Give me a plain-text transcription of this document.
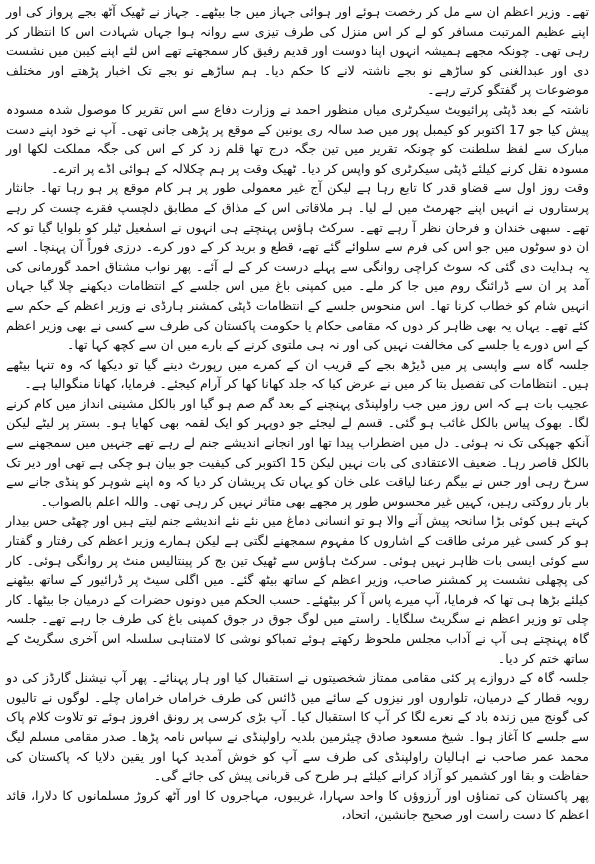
تھے۔ وزیر اعظم ان سے مل کر رخصت ہوئے اور ہوائی جہاز میں جا بیٹھے۔ جہاز نے ٹھیک آٹھ بجے پرواز کی اور اپنے عظیم المرتبت مسافر کو لے کر اس منزل کی طرف تیزی سے روانہ ہوا جہاں شہادت اس کا انتظار کر رہی تھی۔ چونکہ مجھے ہمیشہ انہوں اپنا دوست اور قدیم رفیق کار سمجھتے تھے اس لئے اپنے کیبن میں نشست دی اور عبدالغنی کو ساڑھے نو بجے ناشتہ لانے کا حکم دیا۔ ہم ساڑھے نو بجے تک اخبار پڑھتے اور مختلف موضوعات پر گفتگو کرتے رہے۔

ناشتہ کے بعد ڈپٹی پرائیویٹ سیکرٹری میاں منظور احمد نے وزارت دفاع سے اس تقریر کا موصول شدہ مسودہ پیش کیا جو 17 اکتوبر کو کیمبل پور میں صد سالہ ری یونین کے موقع پر پڑھی جانی تھی۔ آپ نے خود اپنے دست مبارک سے لفظ سلطنت کو چونکہ تقریر میں تین جگہ درج تھا قلم زد کر کے اس کی جگہ مملکت لکھا اور مسودہ نقل کرنے کیلئے ڈپٹی سیکرٹری کو واپس کر دیا۔ ٹھیک وقت پر ہم چکلالہ کے ہوائی اڈے پر اترے۔

وقت روز اول سے قضاو قدر کا تابع رہا ہے لیکن آج غیر معمولی طور پر ہر کام موقع پر ہو رہا تھا۔ جانثار پرستاروں نے انہیں اپنے جھرمٹ میں لے لیا۔ ہر ملاقاتی اس کے مذاق کے مطابق دلچسپ فقرے چست کر رہے تھے۔ سبھی خندان و فرحان نظر آ رہے تھے۔ سرکٹ ہاؤس پہنچتے ہی انہوں نے اسمٰعیل ٹیلر کو بلوایا گیا تو کہ ان دو سوٹوں میں جو اس کی فرم سے سلوائے گئے تھے، قطع و برید کر کے دور کرے۔ درزی فوراً آن پہنچا۔ اسے یہ ہدایت دی گئی کہ سوٹ کراچی روانگی سے پہلے درست کر کے لے آئے۔ پھر نواب مشتاق احمد گورمانی کی آمد پر ان سے ڈرائنگ روم میں جا کر ملے۔ میں کمپنی باغ میں اس جلسے کے انتظامات دیکھنے چلا گیا جہاں انہیں شام کو خطاب کرنا تھا۔ اس منحوس جلسے کے انتظامات ڈپٹی کمشنر ہارڈی نے وزیر اعظم کے حکم سے کئے تھے۔ یہاں یہ بھی ظاہر کر دوں کہ مقامی حکام یا حکومت پاکستان کی طرف سے کسی نے بھی وزیر اعظم کے اس دورے یا جلسے کی مخالفت نہیں کی اور نہ ہی ملتوی کرنے کے بارے میں ان سے کچھ کہا تھا۔

جلسہ گاہ سے واپسی پر میں ڈیڑھ بجے کے قریب ان کے کمرے میں رپورٹ دینے گیا تو دیکھا کہ وہ تنہا بیٹھے ہیں۔ انتظامات کی تفصیل بتا کر میں نے عرض کیا کہ جلد کھانا کھا کر آرام کیجئے۔ فرمایا، کھانا منگوالیا ہے۔

عجیب بات ہے کہ اس روز میں جب راولپنڈی پہنچنے کے بعد گم صم ہو گیا اور بالکل مشینی انداز میں کام کرنے لگا۔ بھوک پیاس بالکل غائب ہو گئی۔ قسم لے لیجئے جو دوپہر کو ایک لقمہ بھی کھایا ہو۔ بستر پر لیٹے لیکن آنکھ جھپکی تک نہ ہوئی۔ دل میں اضطراب پیدا تھا اور انجانے اندیشے جنم لے رہے تھے جنہیں میں سمجھنے سے بالکل قاصر رہا۔ ضعیف الاعتقادی کی بات نہیں لیکن 15 اکتوبر کی کیفیت جو بیان ہو چکی ہے تھی اور دیر تک سرخ رہی اور جس نے بیگم رعنا لیاقت علی خان کو یہاں تک پریشان کر دیا کہ وہ اپنے شوہر کو پنڈی جانے سے بار بار روکتی رہیں، کہیں غیر محسوس طور پر مجھے بھی متاثر نہیں کر رہی تھی۔ واللہ اعلم بالصواب۔

کہتے ہیں کوئی بڑا سانحہ پیش آنے والا ہو تو انسانی دماغ میں نئے نئے اندیشے جنم لیتے ہیں اور چھٹی حس بیدار ہو کر کسی غیر مرئی طاقت کے اشاروں کا مفہوم سمجھنے لگتی ہے لیکن ہمارے وزیر اعظم کی رفتار و گفتار سے کوئی ایسی بات ظاہر نہیں ہوئی۔ سرکٹ ہاؤس سے ٹھیک تین بج کر پینتالیس منٹ پر روانگی ہوئی۔ کار کی پچھلی نشست پر کمشنر صاحب، وزیر اعظم کے ساتھ بیٹھ گئے۔ میں اگلی سیٹ پر ڈرائیور کے ساتھ بیٹھنے کیلئے بڑھا ہی تھا کہ فرمایا، آپ میرے پاس آ کر بیٹھئے۔ حسب الحکم میں دونوں حضرات کے درمیان جا بیٹھا۔ کار چلی تو وزیر اعظم نے سگریٹ سلگایا۔ راستے میں لوگ جوق در جوق کمپنی باغ کی طرف جا رہے تھے۔ جلسہ گاہ پہنچتے ہی آپ نے آداب مجلس ملحوظ رکھتے ہوئے تمباکو نوشی کا لامتناہی سلسلہ اس آخری سگریٹ کے ساتھ ختم کر دیا۔

جلسہ گاہ کے دروازے پر کئی مقامی ممتاز شخصیتوں نے استقبال کیا اور ہار پہنائے۔ پھر آپ نیشنل گارڈز کی دو رویہ قطار کے درمیان، تلواروں اور نیزوں کے سائے میں ڈائس کی طرف خراماں خراماں چلے۔ لوگوں نے تالیوں کی گونج میں زندہ باد کے نعرے لگا کر آپ کا استقبال کیا۔ آپ بڑی کرسی پر رونق افروز ہوئے تو تلاوت کلام پاک سے جلسے کا آغاز ہوا۔ شیخ مسعود صادق چیئرمین بلدیہ راولپنڈی نے سپاس نامہ پڑھا۔ صدر مقامی مسلم لیگ محمد عمر صاحب نے اہالیان راولپنڈی کی طرف سے آپ کو خوش آمدید کہا اور یقین دلایا کہ پاکستان کی حفاظت و بقا اور کشمیر کو آزاد کرانے کیلئے ہر طرح کی قربانی پیش کی جائے گی۔

پھر پاکستان کی تمناؤں اور آرزوؤں کا واحد سہارا، غریبوں، مہاجروں کا اور آٹھ کروڑ مسلمانوں کا دلارا، قائد اعظم کا دست راست اور صحیح جانشین، اتحاد،
